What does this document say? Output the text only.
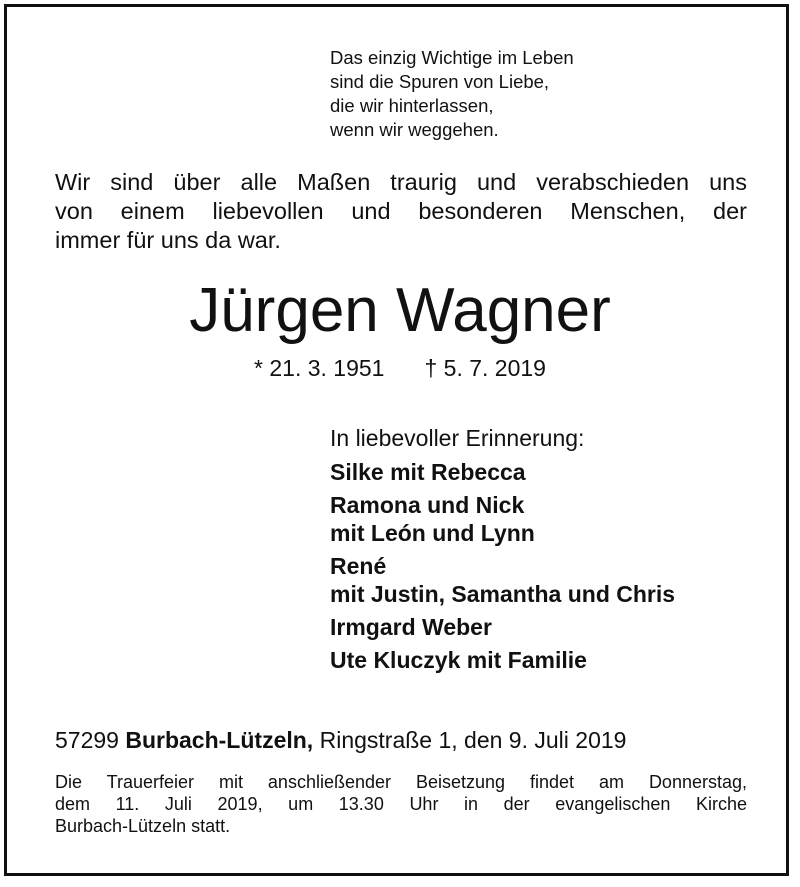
Das einzig Wichtige im Leben
sind die Spuren von Liebe,
die wir hinterlassen,
wenn wir weggehen.
Wir sind über alle Maßen traurig und verabschieden uns
von einem liebevollen und besonderen Menschen, der
immer für uns da war.
Jürgen Wagner
* 21. 3. 1951 † 5. 7. 2019
In liebevoller Erinnerung:
Silke mit Rebecca
Ramona und Nick
mit León und Lynn
René
mit Justin, Samantha und Chris
Irmgard Weber
Ute Kluczyk mit Familie
57299 Burbach-Lützeln, Ringstraße 1, den 9. Juli 2019
Die Trauerfeier mit anschließender Beisetzung findet am Donnerstag,
dem 11. Juli 2019, um 13.30 Uhr in der evangelischen Kirche
Burbach-Lützeln statt.
